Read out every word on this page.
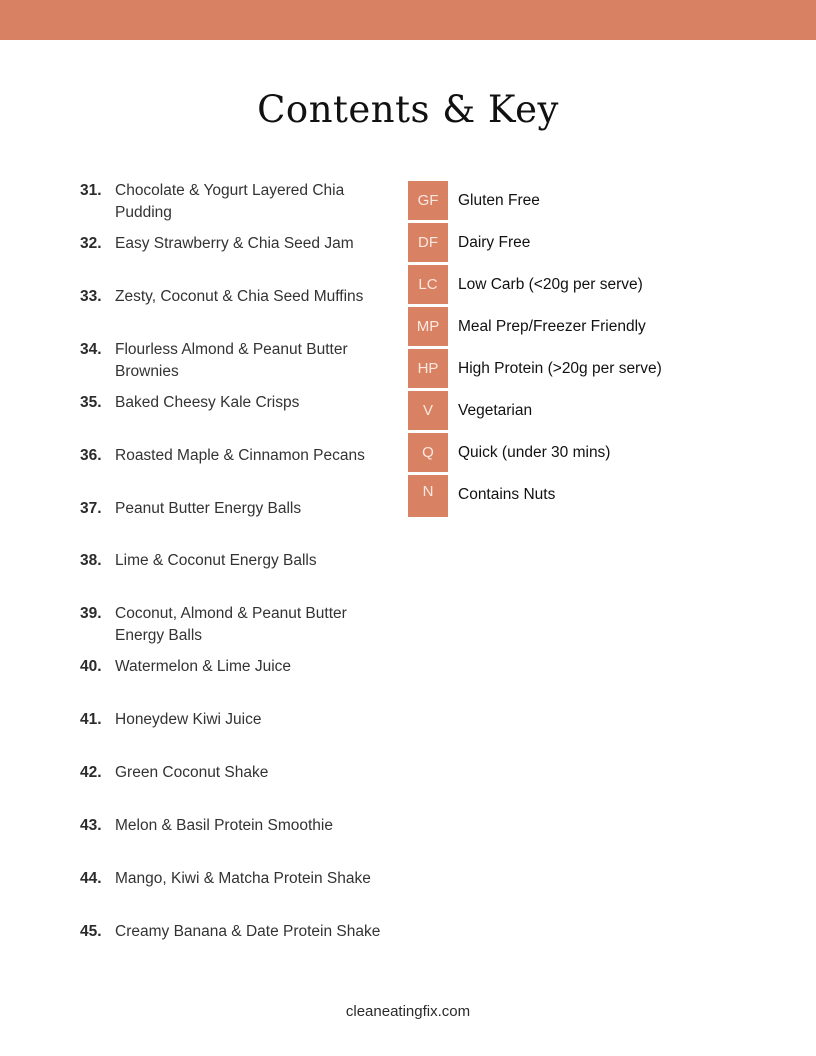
Contents & Key
31. Chocolate & Yogurt Layered Chia Pudding
32. Easy Strawberry & Chia Seed Jam
33. Zesty, Coconut & Chia Seed Muffins
34. Flourless Almond & Peanut Butter Brownies
35. Baked Cheesy Kale Crisps
36. Roasted Maple & Cinnamon Pecans
37. Peanut Butter Energy Balls
38. Lime & Coconut Energy Balls
39. Coconut, Almond & Peanut Butter Energy Balls
40. Watermelon & Lime Juice
41. Honeydew Kiwi Juice
42. Green Coconut Shake
43. Melon & Basil Protein Smoothie
44. Mango, Kiwi & Matcha Protein Shake
45. Creamy Banana & Date Protein Shake
GF	Gluten Free
DF	Dairy Free
LC	Low Carb (<20g per serve)
MP	Meal Prep/Freezer Friendly
HP	High Protein (>20g per serve)
V	Vegetarian
Q	Quick (under 30 mins)
N	Contains Nuts
cleaneatingfix.com
